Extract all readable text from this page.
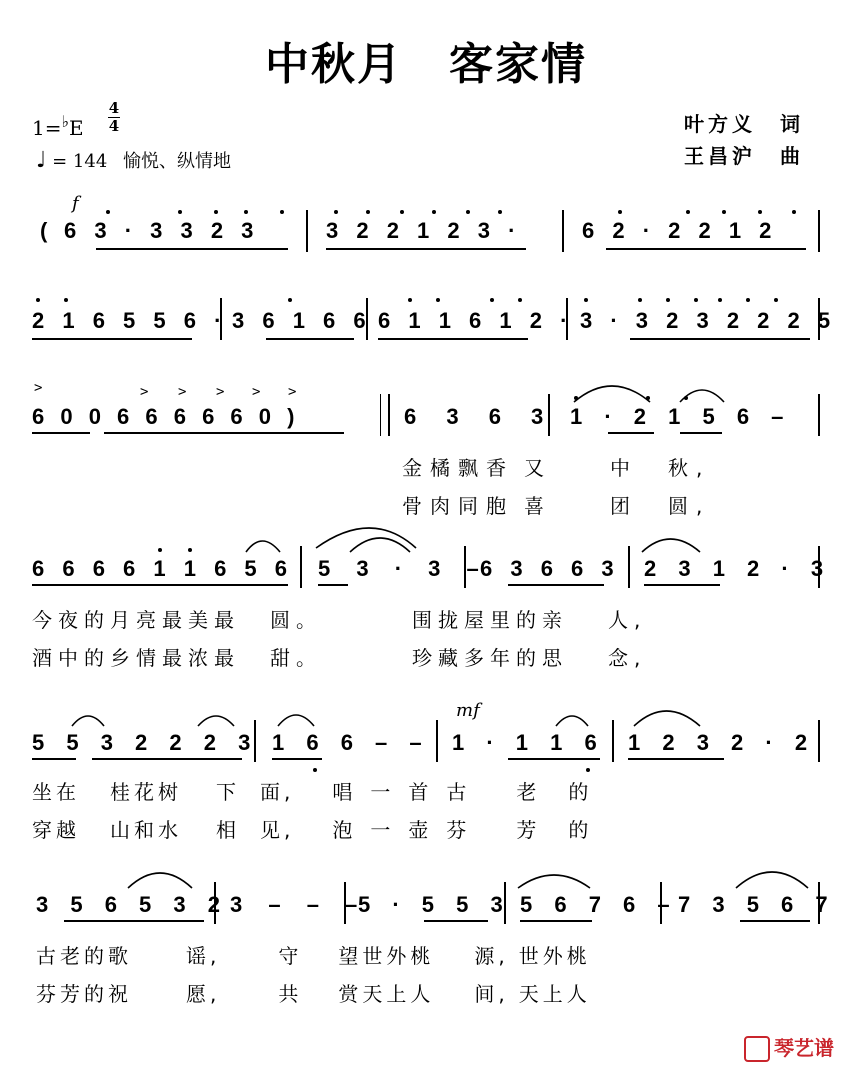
中秋月　客家情
1=♭E
4
4
♩ = 144 愉悦、纵情地
叶方义　词
王昌沪　曲
f
( 6 3 · 3 3 2 3	3 2 2 1 2 3 ·	6 2 · 2 2 1 2
2 1 6 5 5 6 · 3 6 1 6 6 6 1 1 6 1 2 · 3 · 3 2 3 2 2 2 5
>	> > > > >
6 0 0 6 6 6 6 6 0 )	6 3 6 3 1 · 2 1 5 6 –
金橘飘香 又	中 秋,
骨肉同胞 喜	团 圆,
6 6 6 6 1 1 6 5 6 5 3 · 3 –
6 3 6 6 3 2 3 1 2 · 3
今夜的月亮最美最 圆。	围拢屋里的亲 人,
酒中的乡情最浓最 甜。	珍藏多年的思 念,
mf
5 5 3 2 2 2 3 1 6 6 – – 1 · 1 1 6 1 2 3 2 · 2
坐在 桂花树 下 面, 唱 一 首 古 老 的
穿越 山和水 相 见, 泡 一 壶 芬 芳 的
3 5 6 5 3 2 3 – – –
5 · 5 5 3 5 6 7 6 – 7 3 5 6 7
古老的歌	谣,	守 望世外桃 源, 世外桃
芬芳的祝	愿,	共 赏天上人 间, 天上人
琴艺谱
